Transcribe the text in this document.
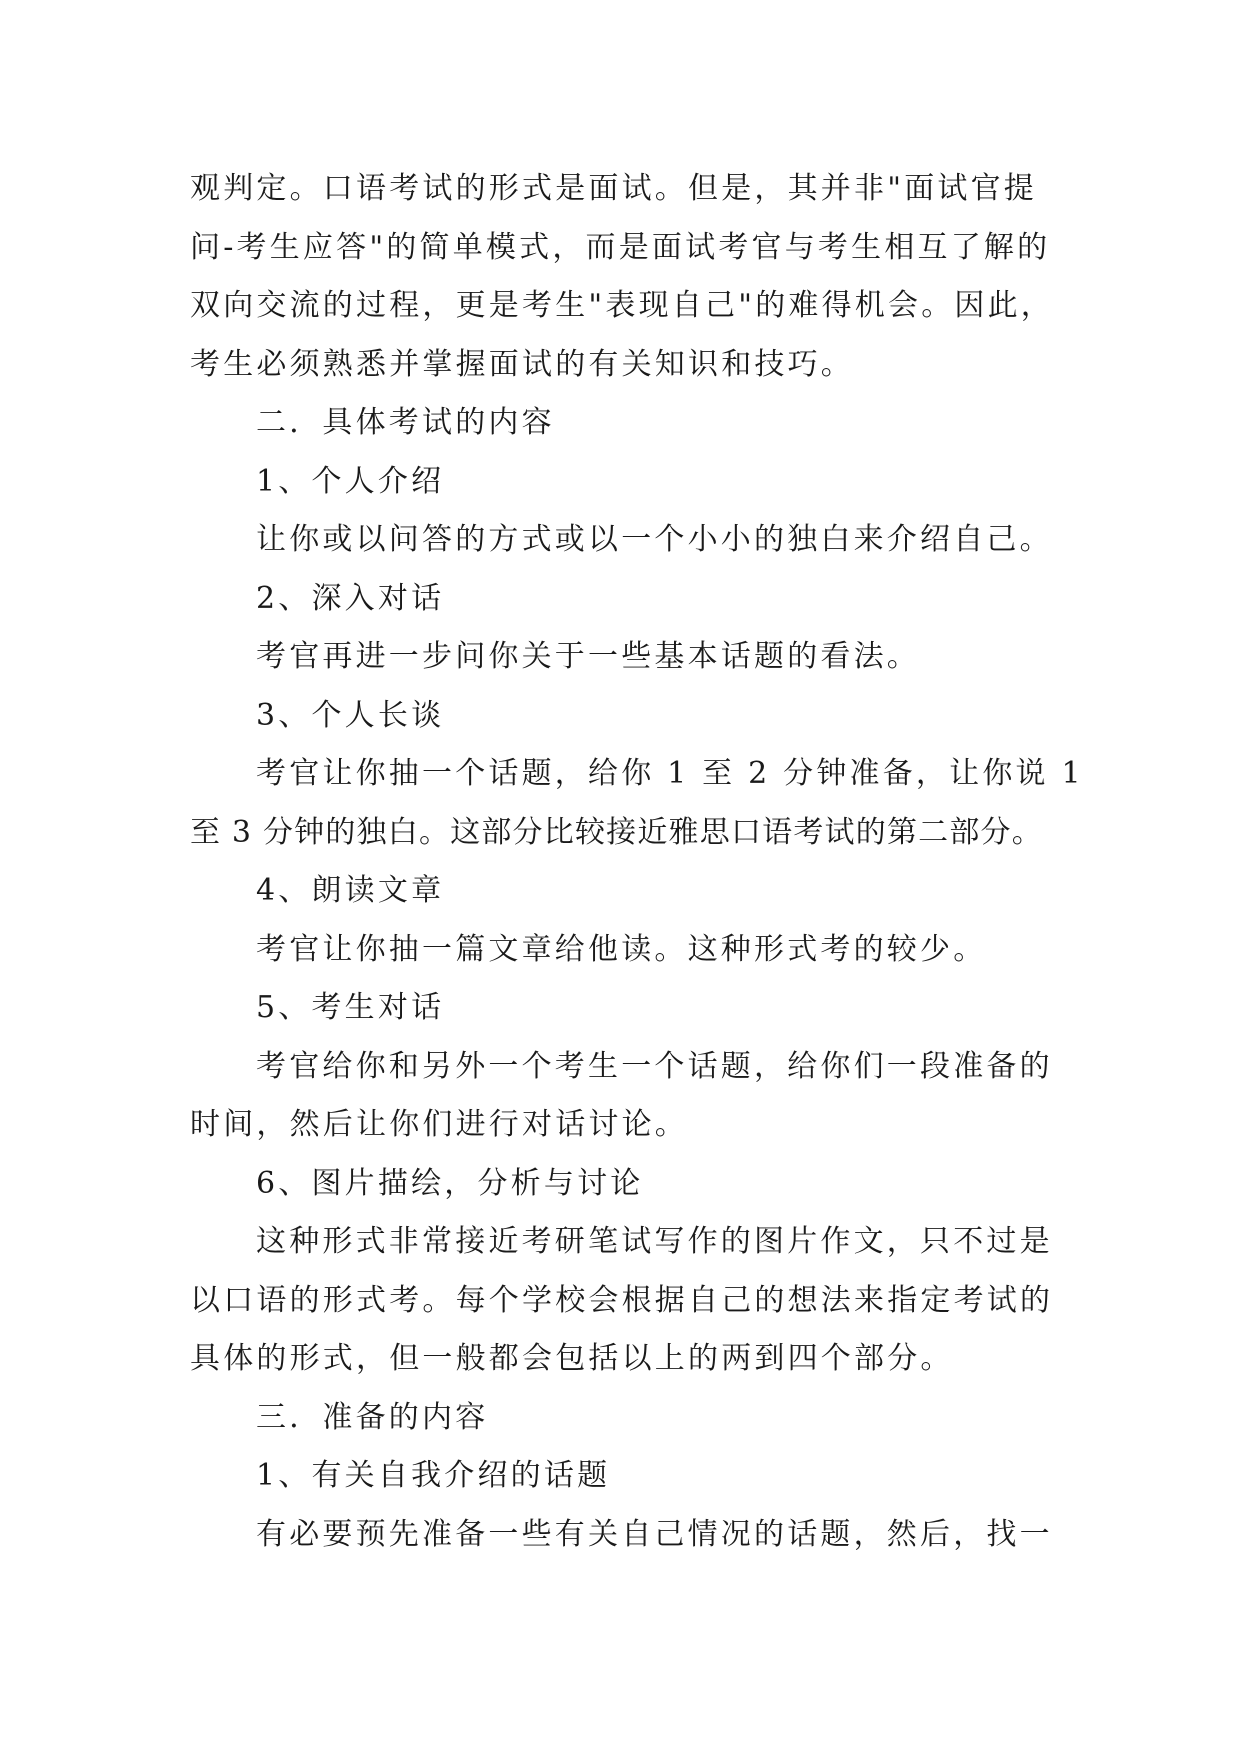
观判定。口语考试的形式是面试。但是，其并非"面试官提
问-考生应答"的简单模式，而是面试考官与考生相互了解的
双向交流的过程，更是考生"表现自己"的难得机会。因此，
考生必须熟悉并掌握面试的有关知识和技巧。
二．具体考试的内容
1、个人介绍
让你或以问答的方式或以一个小小的独白来介绍自己。
2、深入对话
考官再进一步问你关于一些基本话题的看法。
3、个人长谈
考官让你抽一个话题，给你 1 至 2 分钟准备，让你说 1
至 3 分钟的独白。这部分比较接近雅思口语考试的第二部分。
4、朗读文章
考官让你抽一篇文章给他读。这种形式考的较少。
5、考生对话
考官给你和另外一个考生一个话题，给你们一段准备的
时间，然后让你们进行对话讨论。
6、图片描绘，分析与讨论
这种形式非常接近考研笔试写作的图片作文，只不过是
以口语的形式考。每个学校会根据自己的想法来指定考试的
具体的形式，但一般都会包括以上的两到四个部分。
三．准备的内容
1、有关自我介绍的话题
有必要预先准备一些有关自己情况的话题，然后，找一
